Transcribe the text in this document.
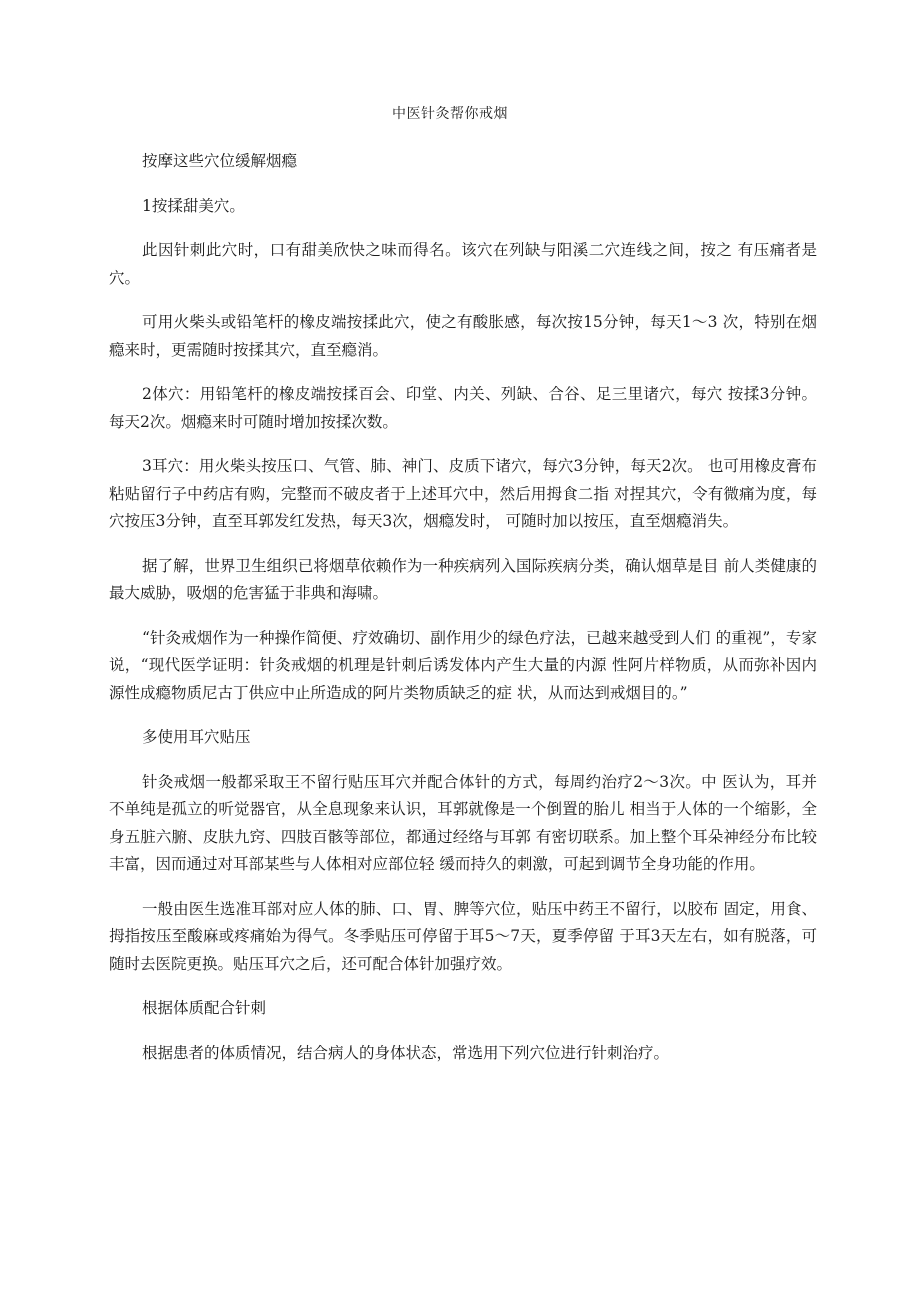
中医针灸帮你戒烟

按摩这些穴位缓解烟瘾

1按揉甜美穴。

此因针刺此穴时，口有甜美欣快之味而得名。该穴在列缺与阳溪二穴连线之间，按之 有压痛者是穴。

可用火柴头或铅笔杆的橡皮端按揉此穴，使之有酸胀感，每次按15分钟，每天1〜3 次，特别在烟瘾来时，更需随时按揉其穴，直至瘾消。

2体穴：用铅笔杆的橡皮端按揉百会、印堂、内关、列缺、合谷、足三里诸穴，每穴 按揉3分钟。每天2次。烟瘾来时可随时增加按揉次数。

3耳穴：用火柴头按压口、气管、肺、神门、皮质下诸穴，每穴3分钟，每天2次。 也可用橡皮膏布粘贴留行子中药店有购，完整而不破皮者于上述耳穴中，然后用拇食二指 对捏其穴，令有微痛为度，每穴按压3分钟，直至耳郭发红发热，每天3次，烟瘾发时， 可随时加以按压，直至烟瘾消失。

据了解，世界卫生组织已将烟草依赖作为一种疾病列入国际疾病分类，确认烟草是目 前人类健康的最大威胁，吸烟的危害猛于非典和海啸。

“针灸戒烟作为一种操作简便、疗效确切、副作用少的绿色疗法，已越来越受到人们 的重视”，专家说，“现代医学证明：针灸戒烟的机理是针刺后诱发体内产生大量的内源 性阿片样物质，从而弥补因内源性成瘾物质尼古丁供应中止所造成的阿片类物质缺乏的症 状，从而达到戒烟目的。”

多使用耳穴贴压

针灸戒烟一般都采取王不留行贴压耳穴并配合体针的方式，每周约治疗2〜3次。中 医认为，耳并不单纯是孤立的听觉器官，从全息现象来认识，耳郭就像是一个倒置的胎儿 相当于人体的一个缩影，全身五脏六腑、皮肤九窍、四肢百骸等部位，都通过经络与耳郭 有密切联系。加上整个耳朵神经分布比较丰富，因而通过对耳部某些与人体相对应部位轻 缓而持久的刺激，可起到调节全身功能的作用。

一般由医生选准耳部对应人体的肺、口、胃、脾等穴位，贴压中药王不留行，以胶布 固定，用食、拇指按压至酸麻或疼痛始为得气。冬季贴压可停留于耳5〜7天，夏季停留 于耳3天左右，如有脱落，可随时去医院更换。贴压耳穴之后，还可配合体针加强疗效。

根据体质配合针刺

根据患者的体质情况，结合病人的身体状态，常选用下列穴位进行针刺治疗。
